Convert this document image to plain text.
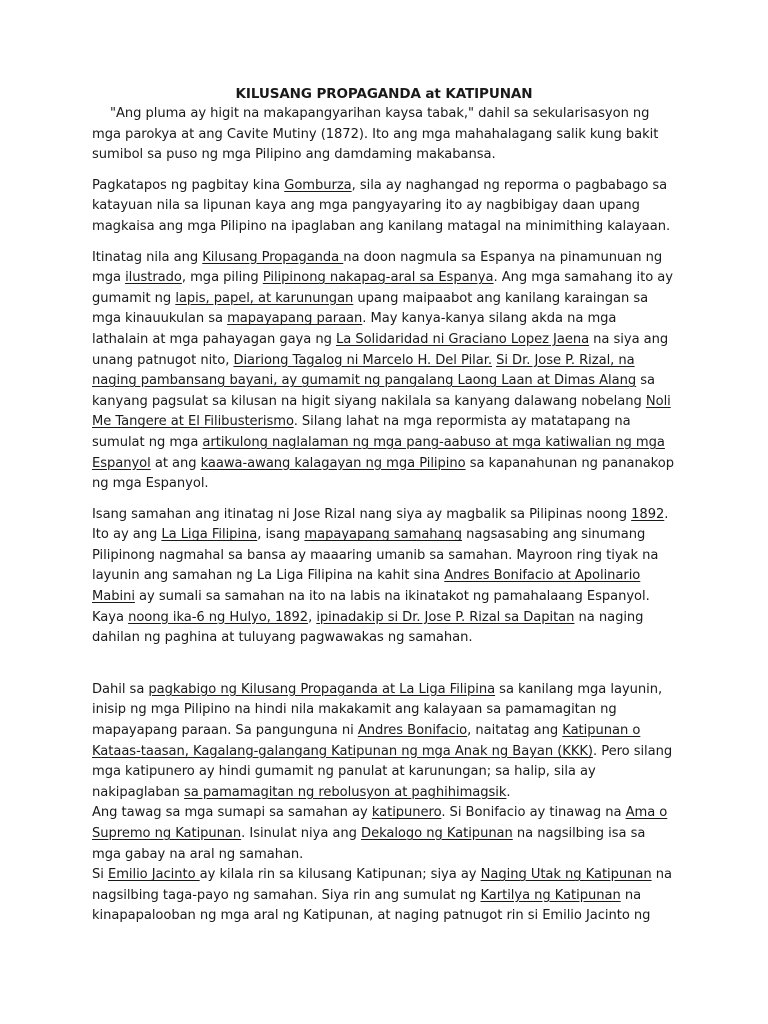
KILUSANG PROPAGANDA at KATIPUNAN

"Ang pluma ay higit na makapangyarihan kaysa tabak," dahil sa sekularisasyon ng mga parokya at ang Cavite Mutiny (1872). Ito ang mga mahahalagang salik kung bakit sumibol sa puso ng mga Pilipino ang damdaming makabansa.

Pagkatapos ng pagbitay kina Gomburza, sila ay naghangad ng reporma o pagbabago sa katayuan nila sa lipunan kaya ang mga pangyayaring ito ay nagbibigay daan upang magkaisa ang mga Pilipino na ipaglaban ang kanilang matagal na minimithing kalayaan.

Itinatag nila ang Kilusang Propaganda na doon nagmula sa Espanya na pinamunuan ng mga ilustrado, mga piling Pilipinong nakapag-aral sa Espanya. Ang mga samahang ito ay gumamit ng lapis, papel, at karunungan upang maipaabot ang kanilang karaingan sa mga kinauukulan sa mapayapang paraan. May kanya-kanya silang akda na mga lathalain at mga pahayagan gaya ng La Solidaridad ni Graciano Lopez Jaena na siya ang unang patnugot nito, Diariong Tagalog ni Marcelo H. Del Pilar. Si Dr. Jose P. Rizal, na naging pambansang bayani, ay gumamit ng pangalang Laong Laan at Dimas Alang sa kanyang pagsulat sa kilusan na higit siyang nakilala sa kanyang dalawang nobelang Noli Me Tangere at El Filibusterismo. Silang lahat na mga repormista ay matatapang na sumulat ng mga artikulong naglalaman ng mga pang-aabuso at mga katiwalian ng mga Espanyol at ang kaawa-awang kalagayan ng mga Pilipino sa kapanahunan ng pananakop ng mga Espanyol.

Isang samahan ang itinatag ni Jose Rizal nang siya ay magbalik sa Pilipinas noong 1892. Ito ay ang La Liga Filipina, isang mapayapang samahang nagsasabing ang sinumang Pilipinong nagmahal sa bansa ay maaaring umanib sa samahan. Mayroon ring tiyak na layunin ang samahan ng La Liga Filipina na kahit sina Andres Bonifacio at Apolinario Mabini ay sumali sa samahan na ito na labis na ikinatakot ng pamahalaang Espanyol. Kaya noong ika-6 ng Hulyo, 1892, ipinadakip si Dr. Jose P. Rizal sa Dapitan na naging dahilan ng paghina at tuluyang pagwawakas ng samahan.

Dahil sa pagkabigo ng Kilusang Propaganda at La Liga Filipina sa kanilang mga layunin, inisip ng mga Pilipino na hindi nila makakamit ang kalayaan sa pamamagitan ng mapayapang paraan. Sa pangunguna ni Andres Bonifacio, naitatag ang Katipunan o Kataas-taasan, Kagalang-galangang Katipunan ng mga Anak ng Bayan (KKK). Pero silang mga katipunero ay hindi gumamit ng panulat at karunungan; sa halip, sila ay nakipaglaban sa pamamagitan ng rebolusyon at paghihimagsik.

Ang tawag sa mga sumapi sa samahan ay katipunero. Si Bonifacio ay tinawag na Ama o Supremo ng Katipunan. Isinulat niya ang Dekalogo ng Katipunan na nagsilbing isa sa mga gabay na aral ng samahan.

Si Emilio Jacinto ay kilala rin sa kilusang Katipunan; siya ay Naging Utak ng Katipunan na nagsilbing taga-payo ng samahan. Siya rin ang sumulat ng Kartilya ng Katipunan na kinapapalooban ng mga aral ng Katipunan, at naging patnugot rin si Emilio Jacinto ng
